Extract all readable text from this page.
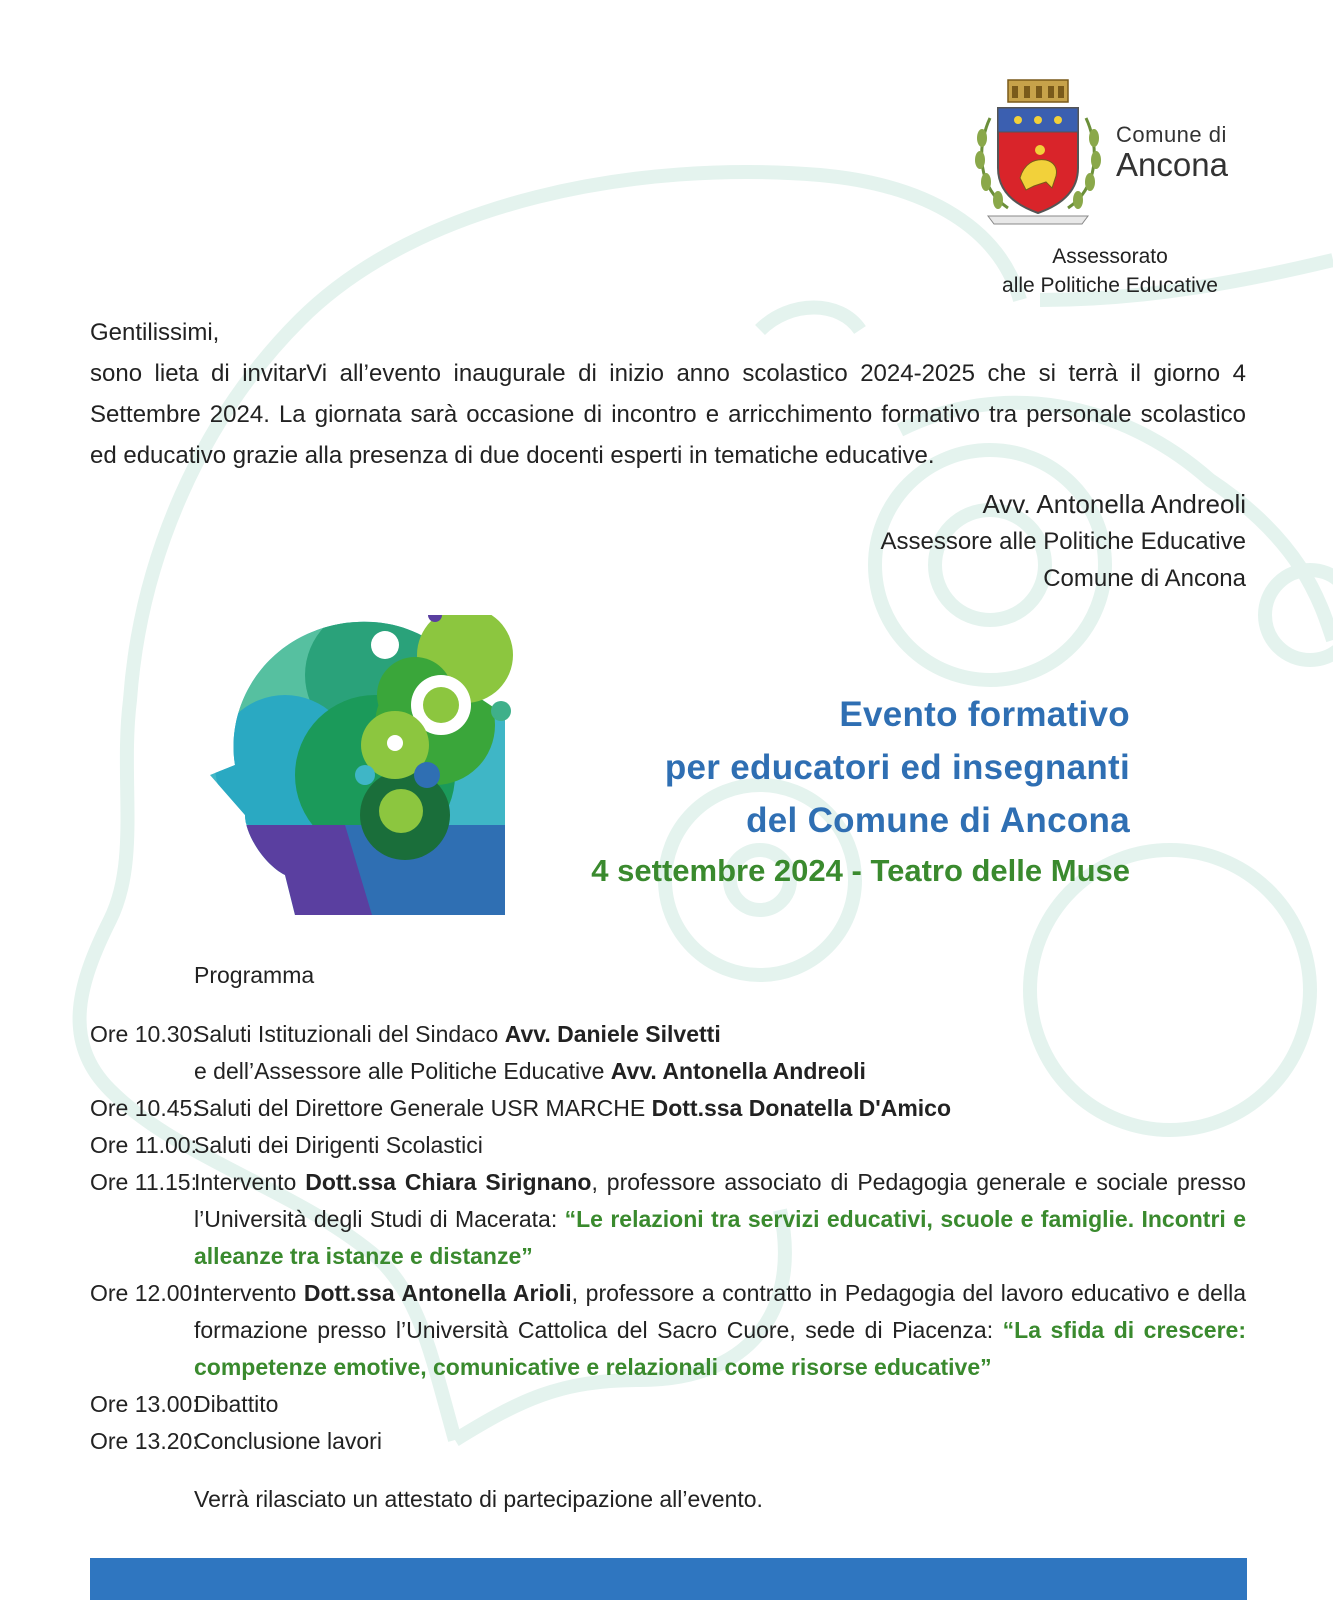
Comune di
Ancona
Assessorato
alle Politiche Educative
Gentilissimi,
sono lieta di invitarVi all’evento inaugurale di inizio anno scolastico 2024-2025 che si terrà il giorno 4 Settembre 2024. La giornata sarà occasione di incontro e arricchimento formativo tra personale scolastico ed educativo grazie alla presenza di due docenti esperti in tematiche educative.
Avv. Antonella Andreoli
Assessore alle Politiche Educative
Comune di Ancona
Evento formativo
per educatori ed insegnanti
del Comune di Ancona
4 settembre 2024 - Teatro delle Muse
Programma
Ore 10.30:
Saluti Istituzionali del Sindaco Avv. Daniele Silvetti
e dell’Assessore alle Politiche Educative Avv. Antonella Andreoli
Ore 10.45:
Saluti del Direttore Generale USR MARCHE Dott.ssa Donatella D'Amico
Ore 11.00:
Saluti dei Dirigenti Scolastici
Ore 11.15:
Intervento Dott.ssa Chiara Sirignano, professore associato di Pedagogia generale e sociale presso l’Università degli Studi di Macerata: “Le relazioni tra servizi educativi, scuole e famiglie. Incontri e alleanze tra istanze e distanze”
Ore 12.00:
Intervento Dott.ssa Antonella Arioli, professore a contratto in Pedagogia del lavoro educativo e della formazione presso l’Università Cattolica del Sacro Cuore, sede di Piacenza: “La sfida di crescere: competenze emotive, comunicative e relazionali come risorse educative”
Ore 13.00:
Dibattito
Ore 13.20:
Conclusione lavori
Verrà rilasciato un attestato di partecipazione all’evento.
